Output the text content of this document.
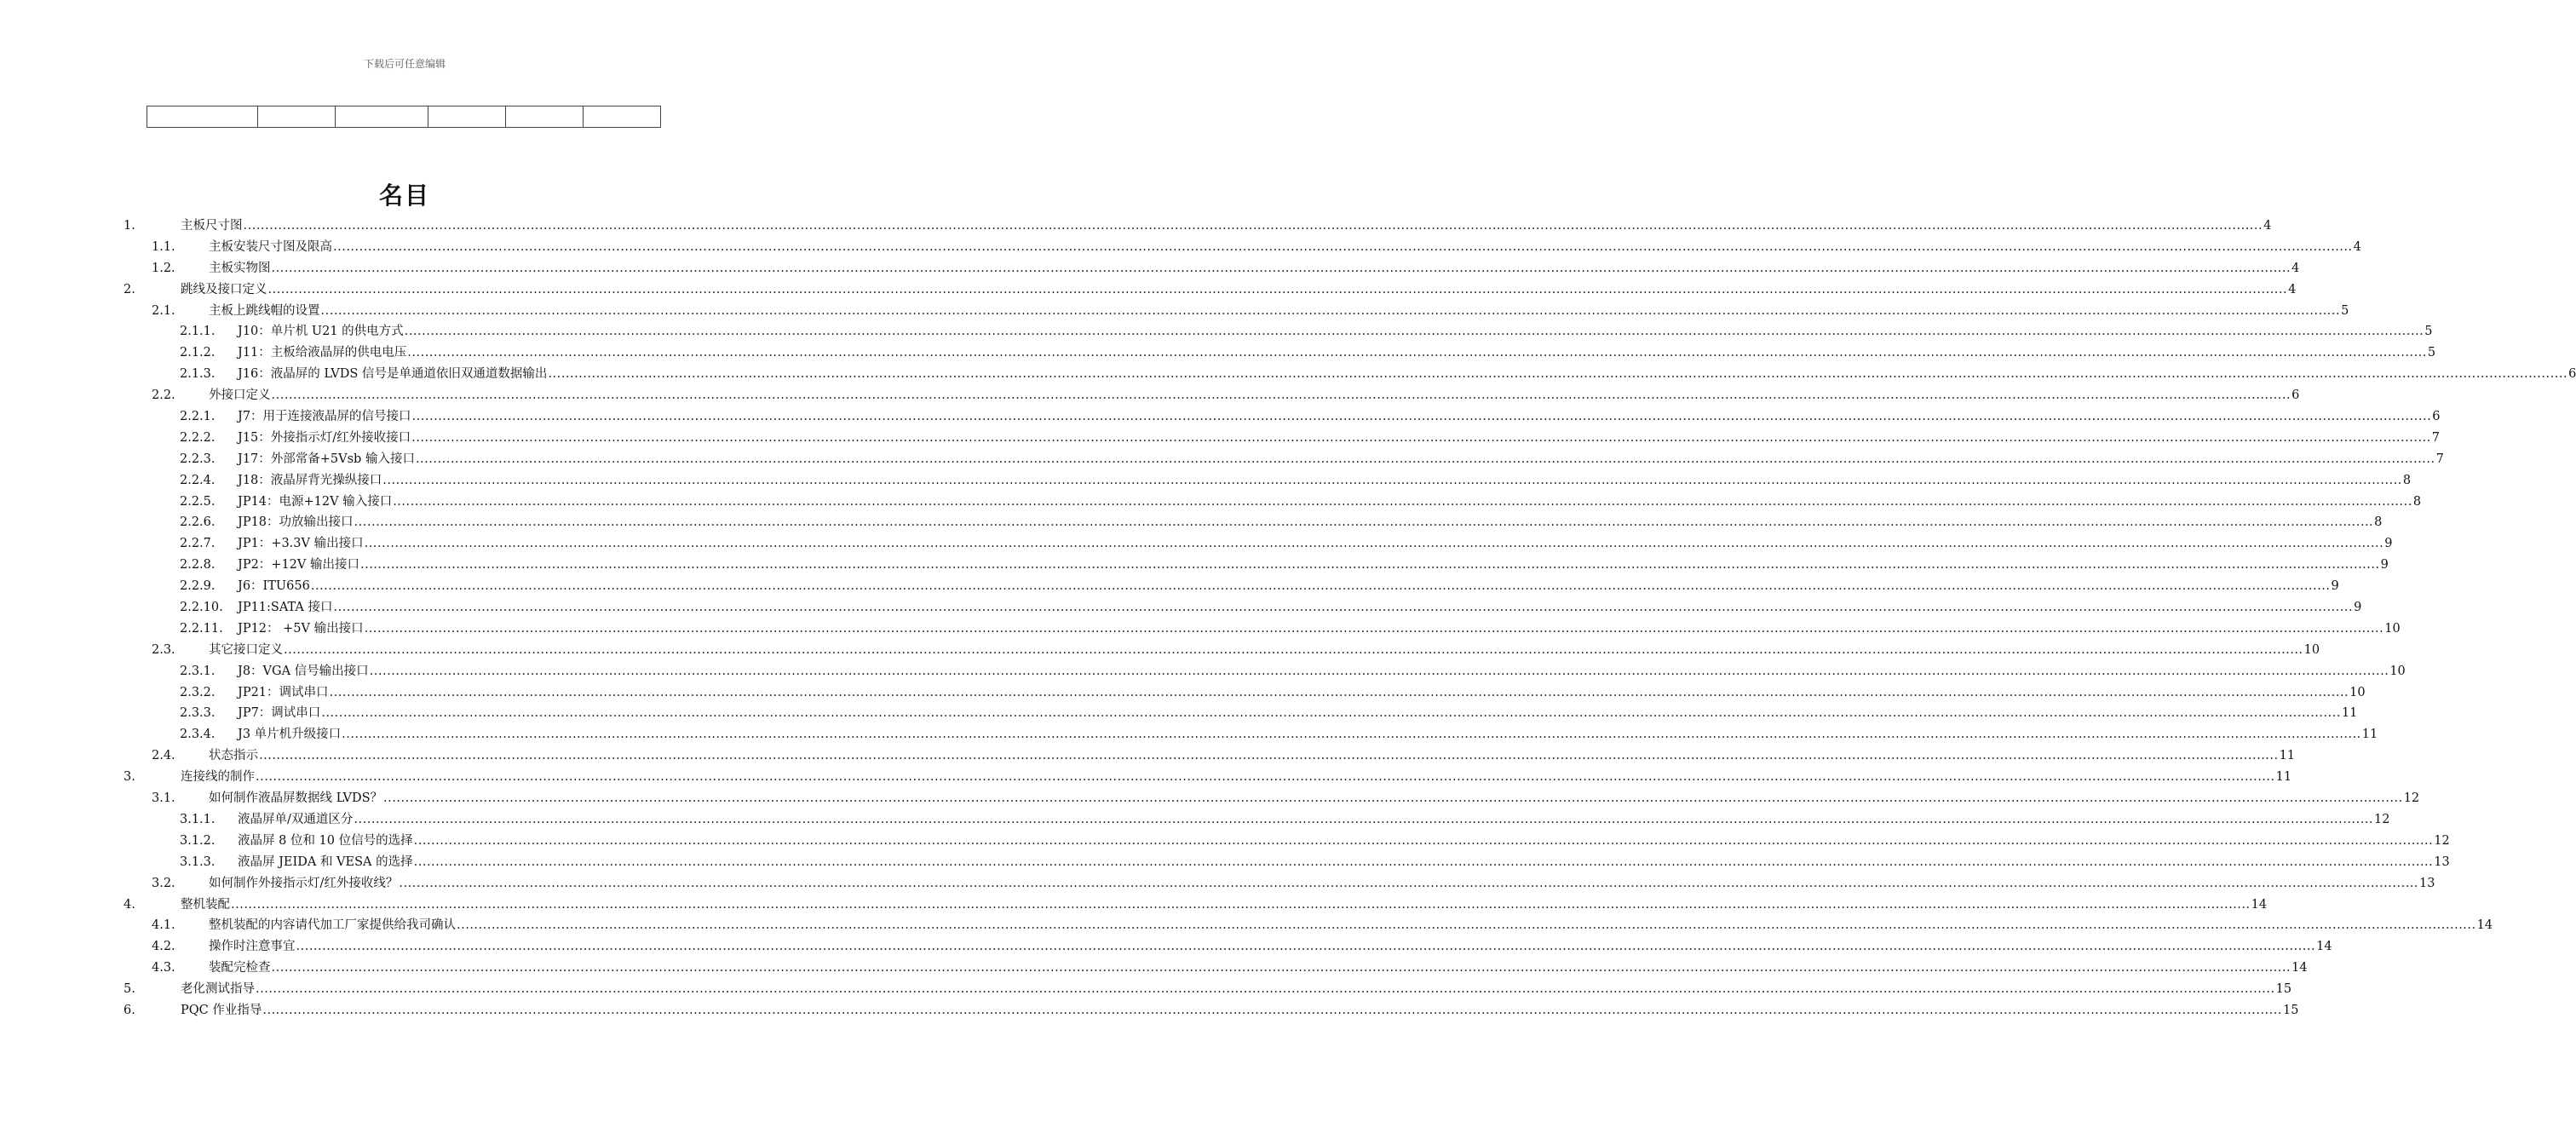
下载后可任意编辑

名目
1.	主板尺寸图 ................................................................................................................................................................................................................................................................................................................................................................................................................................................................................ 4
1.1.	主板安装尺寸图及限高 ................................................................................................................................................................................................................................................................................................................................................................................................................................................................................ 4
1.2.	主板实物图 ................................................................................................................................................................................................................................................................................................................................................................................................................................................................................ 4
2.	跳线及接口定义 ................................................................................................................................................................................................................................................................................................................................................................................................................................................................................ 4
2.1.	主板上跳线帽的设置 ................................................................................................................................................................................................................................................................................................................................................................................................................................................................................ 5
2.1.1. J10：单片机 U21 的供电方式 ................................................................................................................................................................................................................................................................................................................................................................................................................................................................................ 5
2.1.2. J11：主板给液晶屏的供电电压 ................................................................................................................................................................................................................................................................................................................................................................................................................................................................................ 5
2.1.3. J16：液晶屏的 LVDS 信号是单通道依旧双通道数据输出 ................................................................................................................................................................................................................................................................................................................................................................................................................................................................................ 6
2.2.	外接口定义 ................................................................................................................................................................................................................................................................................................................................................................................................................................................................................ 6
2.2.1. J7：用于连接液晶屏的信号接口 ................................................................................................................................................................................................................................................................................................................................................................................................................................................................................ 6
2.2.2. J15：外接指示灯/红外接收接口 ................................................................................................................................................................................................................................................................................................................................................................................................................................................................................ 7
2.2.3. J17：外部常备+5Vsb 输入接口 ................................................................................................................................................................................................................................................................................................................................................................................................................................................................................ 7
2.2.4. J18：液晶屏背光操纵接口 ................................................................................................................................................................................................................................................................................................................................................................................................................................................................................ 8
2.2.5. JP14：电源+12V 输入接口 ................................................................................................................................................................................................................................................................................................................................................................................................................................................................................ 8
2.2.6. JP18：功放输出接口 ................................................................................................................................................................................................................................................................................................................................................................................................................................................................................ 8
2.2.7. JP1：+3.3V 输出接口 ................................................................................................................................................................................................................................................................................................................................................................................................................................................................................ 9
2.2.8. JP2：+12V 输出接口 ................................................................................................................................................................................................................................................................................................................................................................................................................................................................................ 9
2.2.9. J6：ITU656 ................................................................................................................................................................................................................................................................................................................................................................................................................................................................................ 9
2.2.10. JP11:SATA 接口 ................................................................................................................................................................................................................................................................................................................................................................................................................................................................................ 9
2.2.11. JP12： +5V 输出接口 ................................................................................................................................................................................................................................................................................................................................................................................................................................................................................ 10
2.3.	其它接口定义 ................................................................................................................................................................................................................................................................................................................................................................................................................................................................................ 10
2.3.1. J8：VGA 信号输出接口 ................................................................................................................................................................................................................................................................................................................................................................................................................................................................................ 10
2.3.2. JP21：调试串口 ................................................................................................................................................................................................................................................................................................................................................................................................................................................................................ 10
2.3.3. JP7：调试串口 ................................................................................................................................................................................................................................................................................................................................................................................................................................................................................ 11
2.3.4. J3 单片机升级接口 ................................................................................................................................................................................................................................................................................................................................................................................................................................................................................ 11
2.4.	状态指示 ................................................................................................................................................................................................................................................................................................................................................................................................................................................................................ 11
3.	连接线的制作 ................................................................................................................................................................................................................................................................................................................................................................................................................................................................................ 11
3.1.	如何制作液晶屏数据线 LVDS？ ................................................................................................................................................................................................................................................................................................................................................................................................................................................................................ 12
3.1.1. 液晶屏单/双通道区分 ................................................................................................................................................................................................................................................................................................................................................................................................................................................................................ 12
3.1.2. 液晶屏 8 位和 10 位信号的选择 ................................................................................................................................................................................................................................................................................................................................................................................................................................................................................ 12
3.1.3. 液晶屏 JEIDA 和 VESA 的选择 ................................................................................................................................................................................................................................................................................................................................................................................................................................................................................ 13
3.2.	如何制作外接指示灯/红外接收线？ ................................................................................................................................................................................................................................................................................................................................................................................................................................................................................ 13
4.	整机装配 ................................................................................................................................................................................................................................................................................................................................................................................................................................................................................ 14
4.1.	整机装配的内容请代加工厂家提供给我司确认 ................................................................................................................................................................................................................................................................................................................................................................................................................................................................................ 14
4.2.	操作时注意事宜 ................................................................................................................................................................................................................................................................................................................................................................................................................................................................................ 14
4.3.	装配完检查 ................................................................................................................................................................................................................................................................................................................................................................................................................................................................................ 14
5.	老化测试指导 ................................................................................................................................................................................................................................................................................................................................................................................................................................................................................ 15
6.	PQC 作业指导 ................................................................................................................................................................................................................................................................................................................................................................................................................................................................................ 15
